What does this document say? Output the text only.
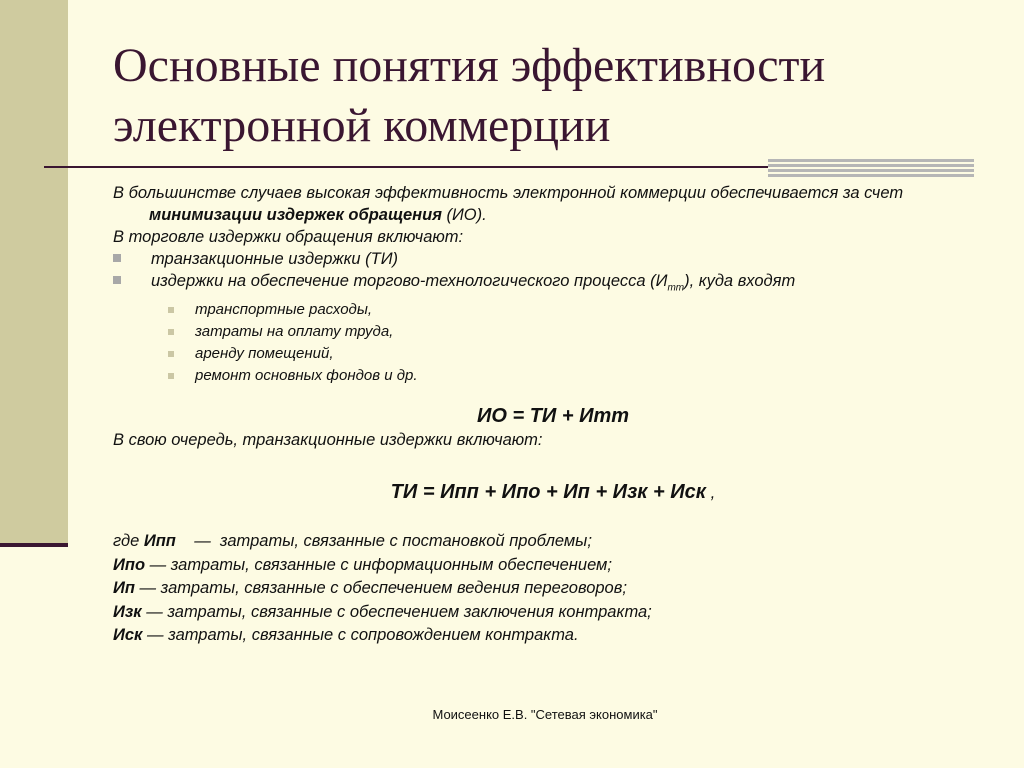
Основные понятия эффективности
электронной коммерции

В большинстве случаев высокая эффективность электронной коммерции обеспечивается за счет минимизации издержек обращения (ИО).

В торговле издержки обращения включают:

транзакционные издержки (ТИ)

издержки на обеспечение торгово-технологического процесса $(И_{тт})$, куда входят

транспортные расходы,

затраты на оплату труда,

аренду помещений,

ремонт основных фондов и др.

ИО = ТИ + Итт

В свою очередь, транзакционные издержки включают:

ТИ = Ипп + Ипо + Ип + Изк + Иск ,

где Ипп    —  затраты, связанные с постановкой проблемы;

Ипо — затраты, связанные с информационным обеспечением;

Ип — затраты, связанные с обеспечением ведения переговоров;

Изк — затраты, связанные с обеспечением заключения контракта;

Иск — затраты, связанные с сопровождением контракта.

Моисеенко Е.В. "Сетевая экономика"
